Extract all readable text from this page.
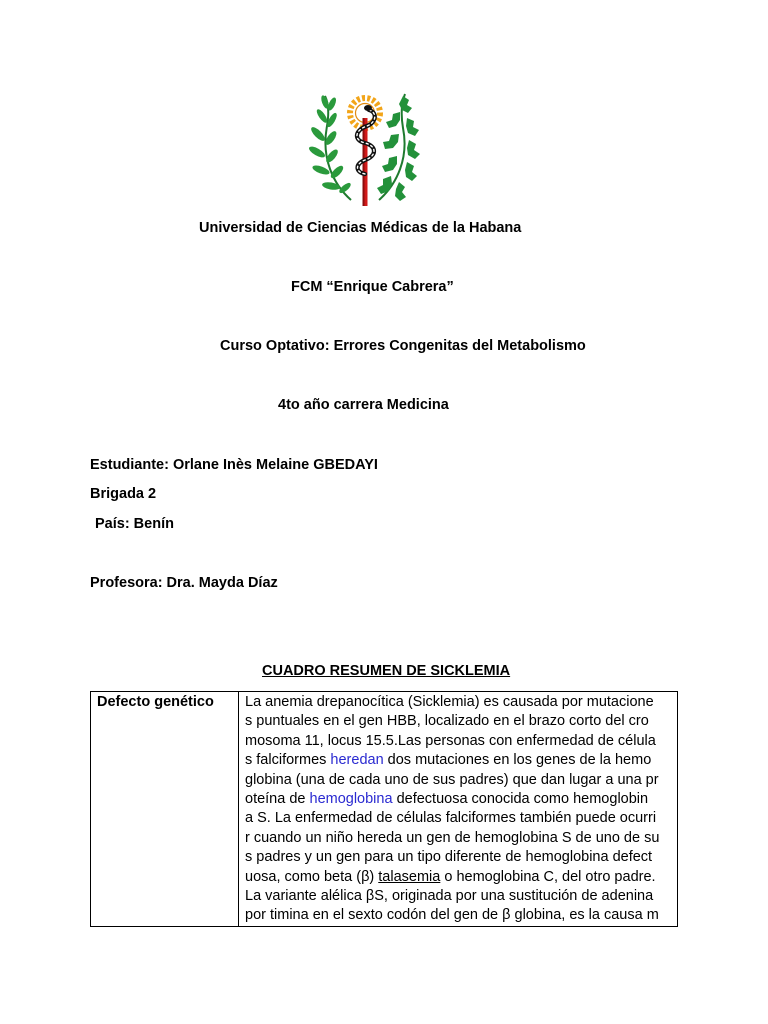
Universidad de Ciencias Médicas de la Habana
FCM “Enrique Cabrera”
Curso Optativo: Errores Congenitas del Metabolismo
4to año carrera Medicina
Estudiante: Orlane Inès Melaine GBEDAYI
Brigada 2
País: Benín
Profesora: Dra. Mayda Díaz
CUADRO RESUMEN DE SICKLEMIA
Defecto genético	La anemia drepanocítica (Sicklemia) es causada por mutacione
s puntuales en el gen HBB, localizado en el brazo corto del cro
mosoma 11, locus 15.5.Las personas con enfermedad de célula
s falciformes heredan dos mutaciones en los genes de la hemo
globina (una de cada uno de sus padres) que dan lugar a una pr
oteína de hemoglobina defectuosa conocida como hemoglobin
a S. La enfermedad de células falciformes también puede ocurri
r cuando un niño hereda un gen de hemoglobina S de uno de su
s padres y un gen para un tipo diferente de hemoglobina defect
uosa, como beta (β) talasemia o hemoglobina C, del otro padre.
La variante alélica βS, originada por una sustitución de adenina
por timina en el sexto codón del gen de β globina, es la causa m
